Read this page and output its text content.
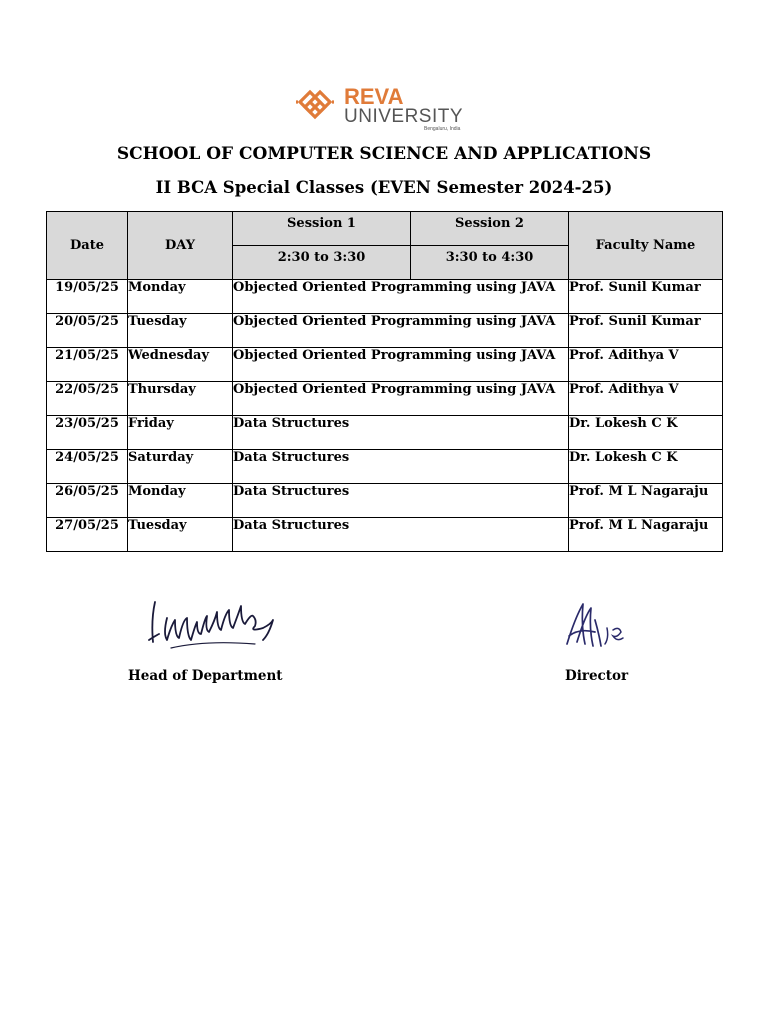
REVA
UNIVERSITY
Bengaluru, India
SCHOOL OF COMPUTER SCIENCE AND APPLICATIONS
II BCA Special Classes (EVEN Semester 2024-25)
Date	DAY	Session 1	Session 2	Faculty Name
		2:30 to 3:30	3:30 to 4:30	
19/05/25	Monday	Objected Oriented Programming using JAVA		Prof. Sunil Kumar
20/05/25	Tuesday	Objected Oriented Programming using JAVA		Prof. Sunil Kumar
21/05/25	Wednesday	Objected Oriented Programming using JAVA		Prof. Adithya V
22/05/25	Thursday	Objected Oriented Programming using JAVA		Prof. Adithya V
23/05/25	Friday	Data Structures		Dr. Lokesh C K
24/05/25	Saturday	Data Structures		Dr. Lokesh C K
26/05/25	Monday	Data Structures		Prof. M L Nagaraju
27/05/25	Tuesday	Data Structures		Prof. M L Nagaraju
Head of Department	Director
